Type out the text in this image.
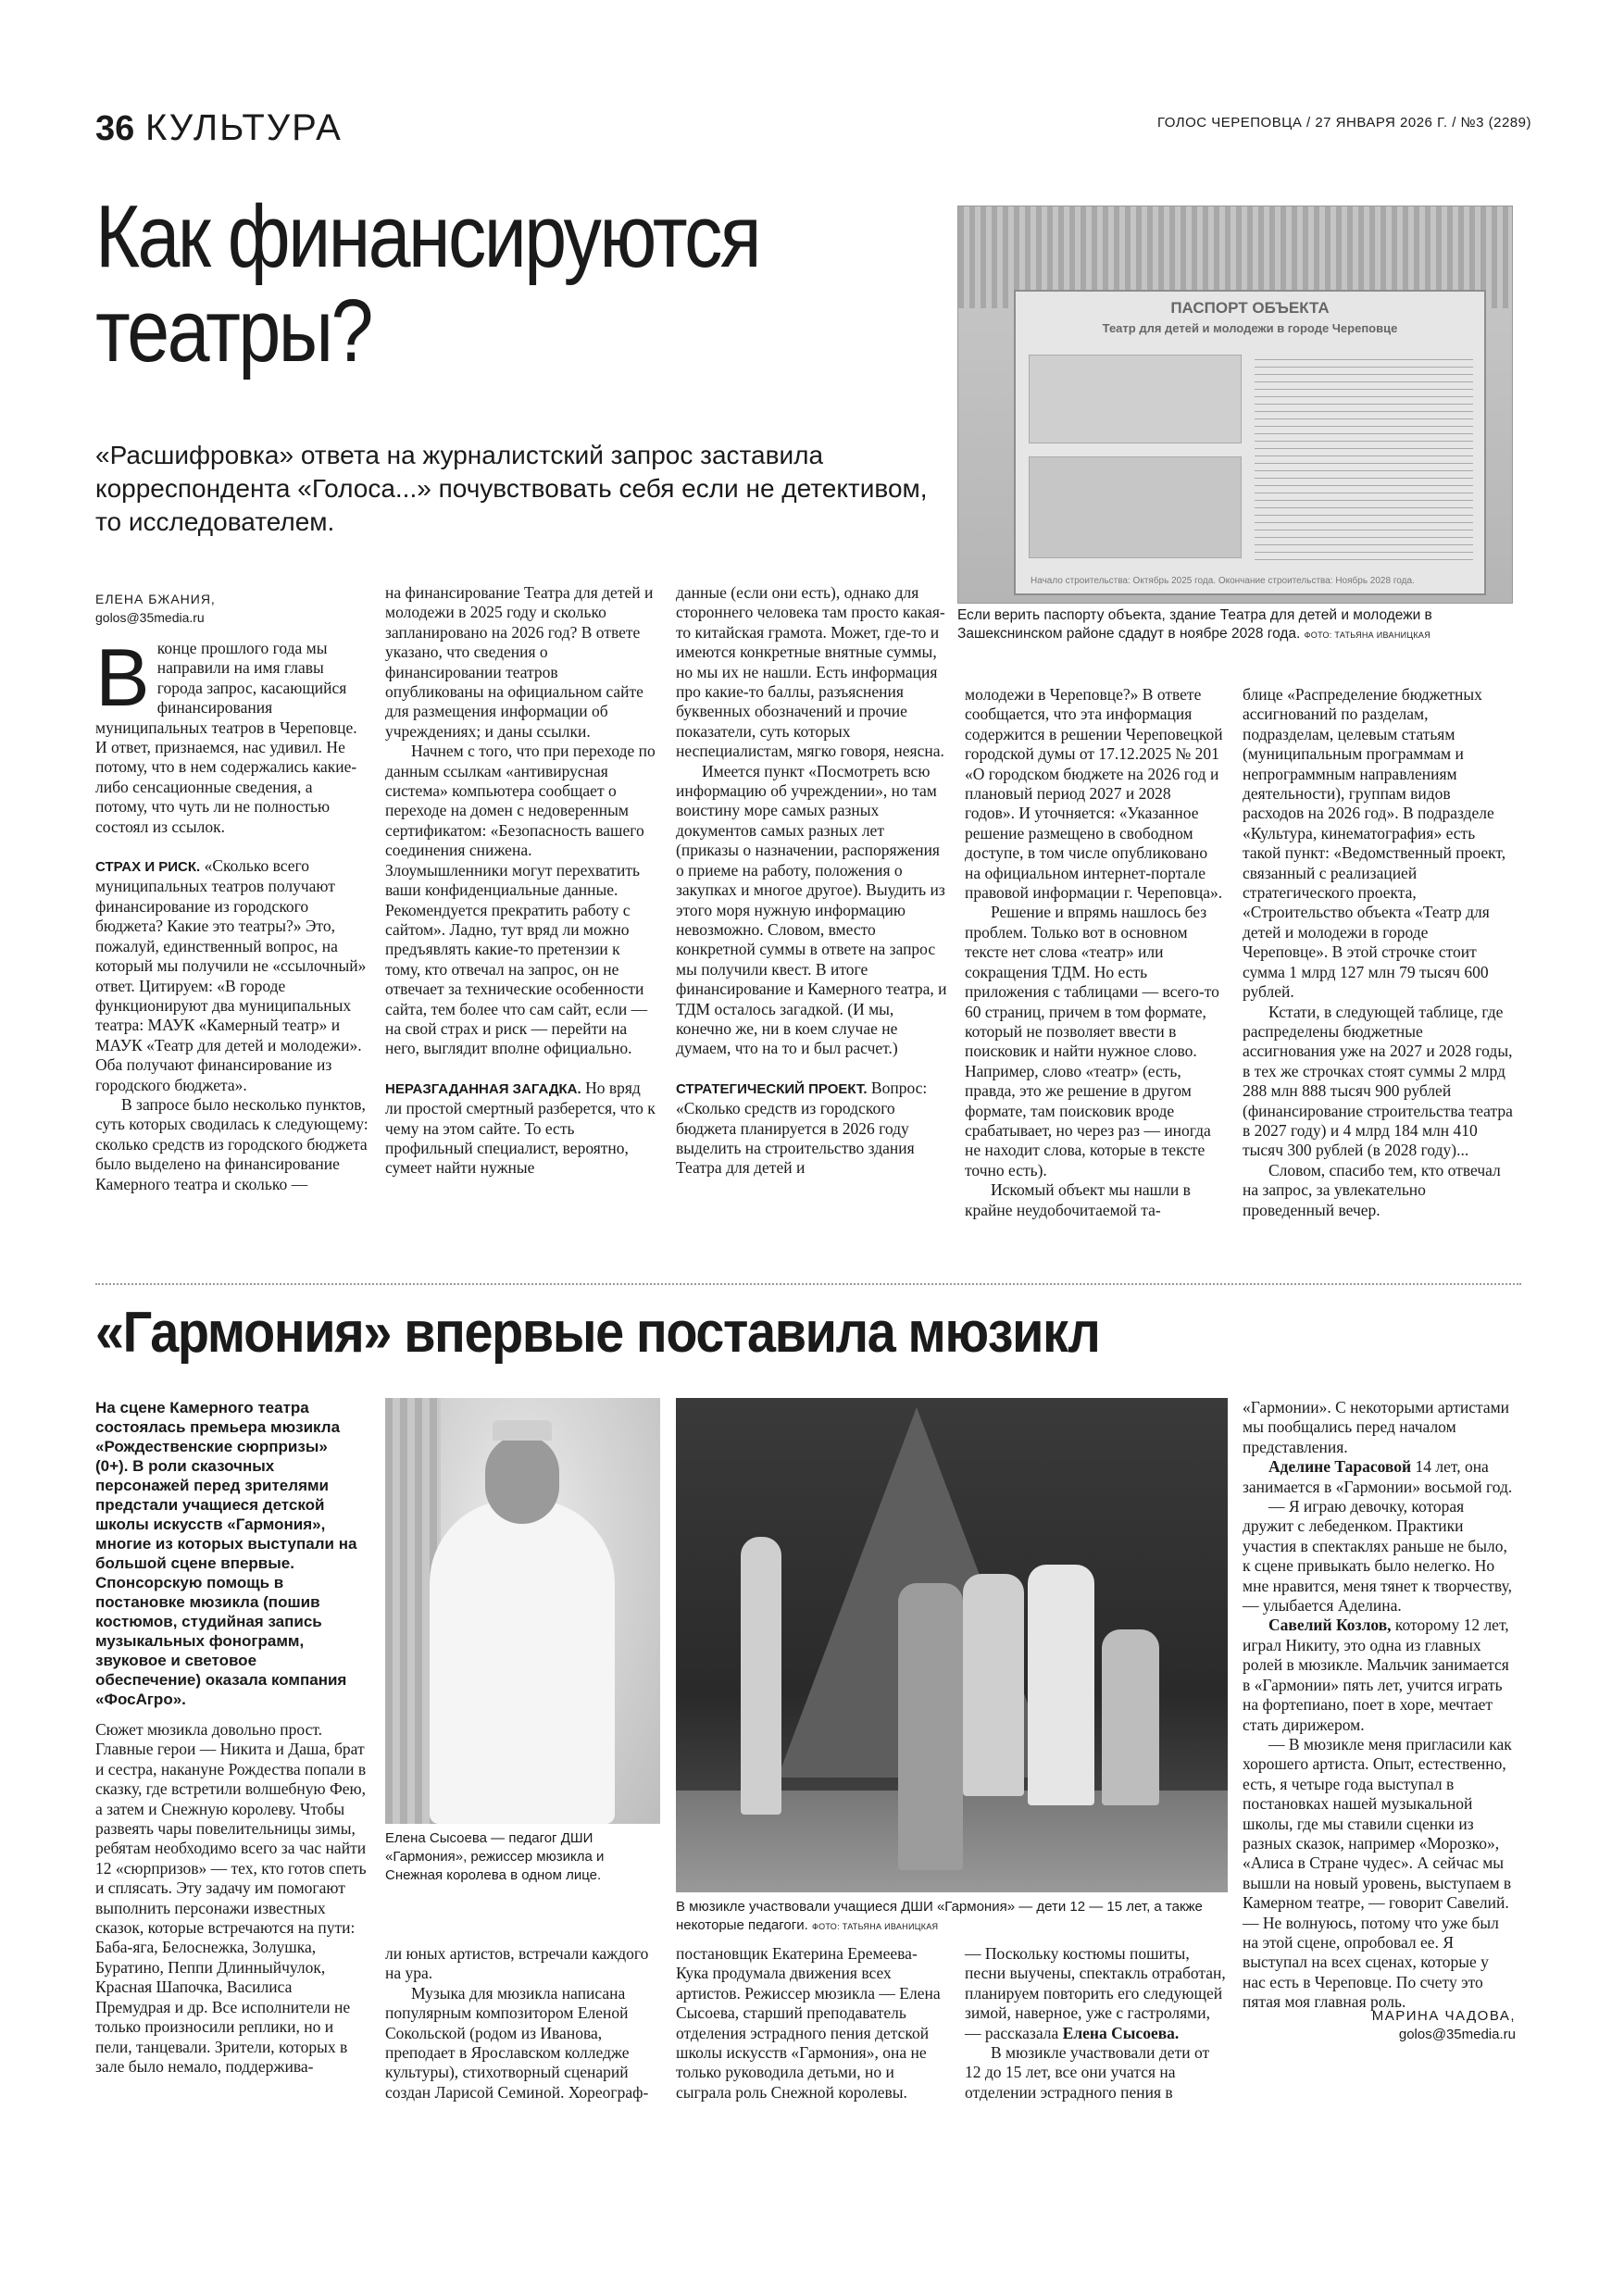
36 КУЛЬТУРА	ГОЛОС ЧЕРЕПОВЦА / 27 ЯНВАРЯ 2026 Г. / №3 (2289)
Как финансируются
театры?
«Расшифровка» ответа на журналистский запрос заставила корреспондента «Голоса...» почувствовать себя если не детективом, то исследователем.
ПАСПОРТ ОБЪЕКТА
Театр для детей и молодежи в городе Череповце
Начало строительства: Октябрь 2025 года. Окончание строительства: Ноябрь 2028 года.
Если верить паспорту объекта, здание Театра для детей и молодежи в Зашекснинском районе сдадут в ноябре 2028 года. ФОТО: ТАТЬЯНА ИВАНИЦКАЯ
ЕЛЕНА БЖАНИЯ,
golos@35media.ru

Вконце прошлого года мы направили на имя главы города запрос, касающийся финансирования муниципальных театров в Череповце. И ответ, признаемся, нас удивил. Не потому, что в нем содержались какие-либо сенсационные сведения, а потому, что чуть ли не полностью состоял из ссылок.

СТРАХ И РИСК. «Сколько всего муниципальных театров получают финансирование из городского бюджета? Какие это театры?» Это, пожалуй, единственный вопрос, на который мы получили не «ссылочный» ответ. Цитируем: «В городе функционируют два муниципальных театра: МАУК «Камерный театр» и МАУК «Театр для детей и молодежи». Оба получают финансирование из городского бюджета».

В запросе было несколько пунктов, суть которых сводилась к следующему: сколько средств из городского бюджета было выделено на финансирование Камерного театра и сколько —

на финансирование Театра для детей и молодежи в 2025 году и сколько запланировано на 2026 год? В ответе указано, что сведения о финансировании театров опубликованы на официальном сайте для размещения информации об учреждениях; и даны ссылки.

Начнем с того, что при переходе по данным ссылкам «антивирусная система» компьютера сообщает о переходе на домен с недоверенным сертификатом: «Безопасность вашего соединения снижена. Злоумышленники могут перехватить ваши конфиденциальные данные. Рекомендуется прекратить работу с сайтом». Ладно, тут вряд ли можно предъявлять какие-то претензии к тому, кто отвечал на запрос, он не отвечает за технические особенности сайта, тем более что сам сайт, если — на свой страх и риск — перейти на него, выглядит вполне официально.

НЕРАЗГАДАННАЯ ЗАГАДКА. Но вряд ли простой смертный разберется, что к чему на этом сайте. То есть профильный специалист, вероятно, сумеет найти нужные

данные (если они есть), однако для стороннего человека там просто какая-то китайская грамота. Может, где-то и имеются конкретные внятные суммы, но мы их не нашли. Есть информация про какие-то баллы, разъяснения буквенных обозначений и прочие показатели, суть которых неспециалистам, мягко говоря, неясна.

Имеется пункт «Посмотреть всю информацию об учреждении», но там воистину море самых разных документов самых разных лет (приказы о назначении, распоряжения о приеме на работу, положения о закупках и многое другое). Выудить из этого моря нужную информацию невозможно. Словом, вместо конкретной суммы в ответе на запрос мы получили квест. В итоге финансирование и Камерного театра, и ТДМ осталось загадкой. (И мы, конечно же, ни в коем случае не думаем, что на то и был расчет.)

СТРАТЕГИЧЕСКИЙ ПРОЕКТ. Вопрос: «Сколько средств из городского бюджета планируется в 2026 году выделить на строительство здания Театра для детей и

молодежи в Череповце?» В ответе сообщается, что эта информация содержится в решении Череповецкой городской думы от 17.12.2025 № 201 «О городском бюджете на 2026 год и плановый период 2027 и 2028 годов». И уточняется: «Указанное решение размещено в свободном доступе, в том числе опубликовано на официальном интернет-портале правовой информации г. Череповца».

Решение и впрямь нашлось без проблем. Только вот в основном тексте нет слова «театр» или сокращения ТДМ. Но есть приложения с таблицами — всего-то 60 страниц, причем в том формате, который не позволяет ввести в поисковик и найти нужное слово. Например, слово «театр» (есть, правда, это же решение в другом формате, там поисковик вроде срабатывает, но через раз — иногда не находит слова, которые в тексте точно есть).

Искомый объект мы нашли в крайне неудобочитаемой та-

блице «Распределение бюджетных ассигнований по разделам, подразделам, целевым статьям (муниципальным программам и непрограммным направлениям деятельности), группам видов расходов на 2026 год». В подразделе «Культура, кинематография» есть такой пункт: «Ведомственный проект, связанный с реализацией стратегического проекта, «Строительство объекта «Театр для детей и молодежи в городе Череповце». В этой строчке стоит сумма 1 млрд 127 млн 79 тысяч 600 рублей.

Кстати, в следующей таблице, где распределены бюджетные ассигнования уже на 2027 и 2028 годы, в тех же строчках стоят суммы 2 млрд 288 млн 888 тысяч 900 рублей (финансирование строительства театра в 2027 году) и 4 млрд 184 млн 410 тысяч 300 рублей (в 2028 году)...

Словом, спасибо тем, кто отвечал на запрос, за увлекательно проведенный вечер.

«Гармония» впервые поставила мюзикл
На сцене Камерного театра состоялась премьера мюзикла «Рождественские сюрпризы» (0+). В роли сказочных персонажей перед зрителями предстали учащиеся детской школы искусств «Гармония», многие из которых выступали на большой сцене впервые. Спонсорскую помощь в постановке мюзикла (пошив костюмов, студийная запись музыкальных фонограмм, звуковое и световое обеспечение) оказала компания «ФосАгро».

Сюжет мюзикла довольно прост. Главные герои — Никита и Даша, брат и сестра, накануне Рождества попали в сказку, где встретили волшебную Фею, а затем и Снежную королеву. Чтобы развеять чары повелительницы зимы, ребятам необходимо всего за час найти 12 «сюрпризов» — тех, кто готов спеть и сплясать. Эту задачу им помогают выполнить персонажи известных сказок, которые встречаются на пути: Баба-яга, Белоснежка, Золушка, Буратино, Пеппи Длинныйчулок, Красная Шапочка, Василиса Премудрая и др. Все исполнители не только произносили реплики, но и пели, танцевали. Зрители, которых в зале было немало, поддержива-

Елена Сысоева — педагог ДШИ «Гармония», режиссер мюзикла и Снежная королева в одном лице.
В мюзикле участвовали учащиеся ДШИ «Гармония» — дети 12 — 15 лет, а также некоторые педагоги. ФОТО: ТАТЬЯНА ИВАНИЦКАЯ

ли юных артистов, встречали каждого на ура.

Музыка для мюзикла написана популярным композитором Еленой Сокольской (родом из Иванова, преподает в Ярославском колледже культуры), стихотворный сценарий создан Ларисой Семиной. Хореограф-

постановщик Екатерина Еремеева-Кука продумала движения всех артистов. Режиссер мюзикла — Елена Сысоева, старший преподаватель отделения эстрадного пения детской школы искусств «Гармония», она не только руководила детьми, но и сыграла роль Снежной королевы.

— Поскольку костюмы пошиты, песни выучены, спектакль отработан, планируем повторить его следующей зимой, наверное, уже с гастролями, — рассказала Елена Сысоева.

В мюзикле участвовали дети от 12 до 15 лет, все они учатся на отделении эстрадного пения в

«Гармонии». С некоторыми артистами мы пообщались перед началом представления.

Аделине Тарасовой 14 лет, она занимается в «Гармонии» восьмой год.

— Я играю девочку, которая дружит с лебеденком. Практики участия в спектаклях раньше не было, к сцене привыкать было нелегко. Но мне нравится, меня тянет к творчеству, — улыбается Аделина.

Савелий Козлов, которому 12 лет, играл Никиту, это одна из главных ролей в мюзикле. Мальчик занимается в «Гармонии» пять лет, учится играть на фортепиано, поет в хоре, мечтает стать дирижером.

— В мюзикле меня пригласили как хорошего артиста. Опыт, естественно, есть, я четыре года выступал в постановках нашей музыкальной школы, где мы ставили сценки из разных сказок, например «Морозко», «Алиса в Стране чудес». А сейчас мы вышли на новый уровень, выступаем в Камерном театре, — говорит Савелий. — Не волнуюсь, потому что уже был на этой сцене, опробовал ее. Я выступал на всех сценах, которые у нас есть в Череповце. По счету это пятая моя главная роль.

МАРИНА ЧАДОВА,
golos@35media.ru
